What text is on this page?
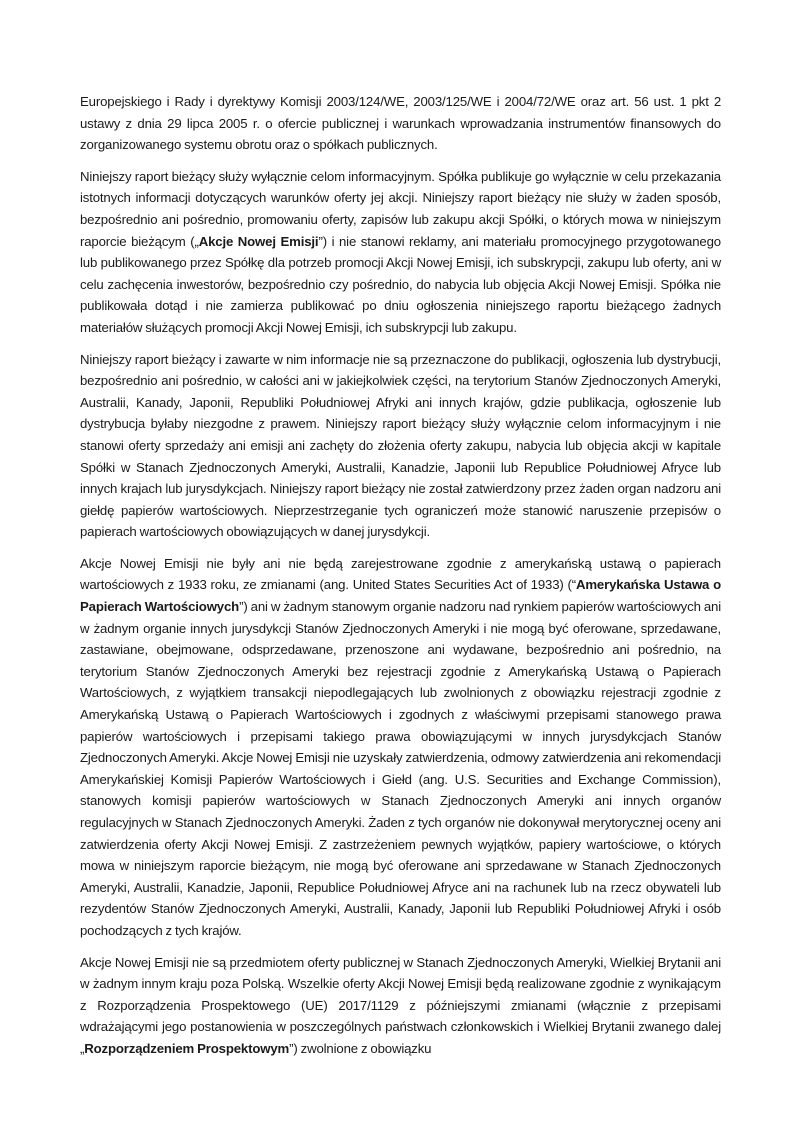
Europejskiego i Rady i dyrektywy Komisji 2003/124/WE, 2003/125/WE i 2004/72/WE oraz art. 56 ust. 1 pkt 2 ustawy z dnia 29 lipca 2005 r. o ofercie publicznej i warunkach wprowadzania instrumentów finansowych do zorganizowanego systemu obrotu oraz o spółkach publicznych.

Niniejszy raport bieżący służy wyłącznie celom informacyjnym. Spółka publikuje go wyłącznie w celu przekazania istotnych informacji dotyczących warunków oferty jej akcji. Niniejszy raport bieżący nie służy w żaden sposób, bezpośrednio ani pośrednio, promowaniu oferty, zapisów lub zakupu akcji Spółki, o których mowa w niniejszym raporcie bieżącym („Akcje Nowej Emisji”) i nie stanowi reklamy, ani materiału promocyjnego przygotowanego lub publikowanego przez Spółkę dla potrzeb promocji Akcji Nowej Emisji, ich subskrypcji, zakupu lub oferty, ani w celu zachęcenia inwestorów, bezpośrednio czy pośrednio, do nabycia lub objęcia Akcji Nowej Emisji. Spółka nie publikowała dotąd i nie zamierza publikować po dniu ogłoszenia niniejszego raportu bieżącego żadnych materiałów służących promocji Akcji Nowej Emisji, ich subskrypcji lub zakupu.

Niniejszy raport bieżący i zawarte w nim informacje nie są przeznaczone do publikacji, ogłoszenia lub dystrybucji, bezpośrednio ani pośrednio, w całości ani w jakiejkolwiek części, na terytorium Stanów Zjednoczonych Ameryki, Australii, Kanady, Japonii, Republiki Południowej Afryki ani innych krajów, gdzie publikacja, ogłoszenie lub dystrybucja byłaby niezgodne z prawem. Niniejszy raport bieżący służy wyłącznie celom informacyjnym i nie stanowi oferty sprzedaży ani emisji ani zachęty do złożenia oferty zakupu, nabycia lub objęcia akcji w kapitale Spółki w Stanach Zjednoczonych Ameryki, Australii, Kanadzie, Japonii lub Republice Południowej Afryce lub innych krajach lub jurysdykcjach. Niniejszy raport bieżący nie został zatwierdzony przez żaden organ nadzoru ani giełdę papierów wartościowych. Nieprzestrzeganie tych ograniczeń może stanowić naruszenie przepisów o papierach wartościowych obowiązujących w danej jurysdykcji.

Akcje Nowej Emisji nie były ani nie będą zarejestrowane zgodnie z amerykańską ustawą o papierach wartościowych z 1933 roku, ze zmianami (ang. United States Securities Act of 1933) (“Amerykańska Ustawa o Papierach Wartościowych”) ani w żadnym stanowym organie nadzoru nad rynkiem papierów wartościowych ani w żadnym organie innych jurysdykcji Stanów Zjednoczonych Ameryki i nie mogą być oferowane, sprzedawane, zastawiane, obejmowane, odsprzedawane, przenoszone ani wydawane, bezpośrednio ani pośrednio, na terytorium Stanów Zjednoczonych Ameryki bez rejestracji zgodnie z Amerykańską Ustawą o Papierach Wartościowych, z wyjątkiem transakcji niepodlegających lub zwolnionych z obowiązku rejestracji zgodnie z Amerykańską Ustawą o Papierach Wartościowych i zgodnych z właściwymi przepisami stanowego prawa papierów wartościowych i przepisami takiego prawa obowiązującymi w innych jurysdykcjach Stanów Zjednoczonych Ameryki. Akcje Nowej Emisji nie uzyskały zatwierdzenia, odmowy zatwierdzenia ani rekomendacji Amerykańskiej Komisji Papierów Wartościowych i Giełd (ang. U.S. Securities and Exchange Commission), stanowych komisji papierów wartościowych w Stanach Zjednoczonych Ameryki ani innych organów regulacyjnych w Stanach Zjednoczonych Ameryki. Żaden z tych organów nie dokonywał merytorycznej oceny ani zatwierdzenia oferty Akcji Nowej Emisji. Z zastrzeżeniem pewnych wyjątków, papiery wartościowe, o których mowa w niniejszym raporcie bieżącym, nie mogą być oferowane ani sprzedawane w Stanach Zjednoczonych Ameryki, Australii, Kanadzie, Japonii, Republice Południowej Afryce ani na rachunek lub na rzecz obywateli lub rezydentów Stanów Zjednoczonych Ameryki, Australii, Kanady, Japonii lub Republiki Południowej Afryki i osób pochodzących z tych krajów.

Akcje Nowej Emisji nie są przedmiotem oferty publicznej w Stanach Zjednoczonych Ameryki, Wielkiej Brytanii ani w żadnym innym kraju poza Polską. Wszelkie oferty Akcji Nowej Emisji będą realizowane zgodnie z wynikającym z Rozporządzenia Prospektowego (UE) 2017/1129 z późniejszymi zmianami (włącznie z przepisami wdrażającymi jego postanowienia w poszczególnych państwach członkowskich i Wielkiej Brytanii zwanego dalej „Rozporządzeniem Prospektowym”) zwolnione z obowiązku
